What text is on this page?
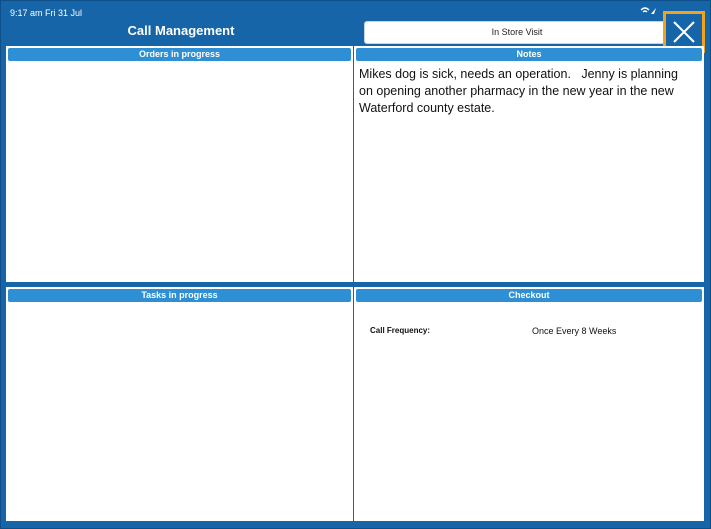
9:17 am Fri 31 Jul
Call Management	In Store Visit
Orders in progress	Notes
Mikes dog is sick, needs an operation.   Jenny is planning on opening another pharmacy in the new year in the new Waterford county estate.
Tasks in progress	Checkout
Call Frequency:	Once Every 8 Weeks
